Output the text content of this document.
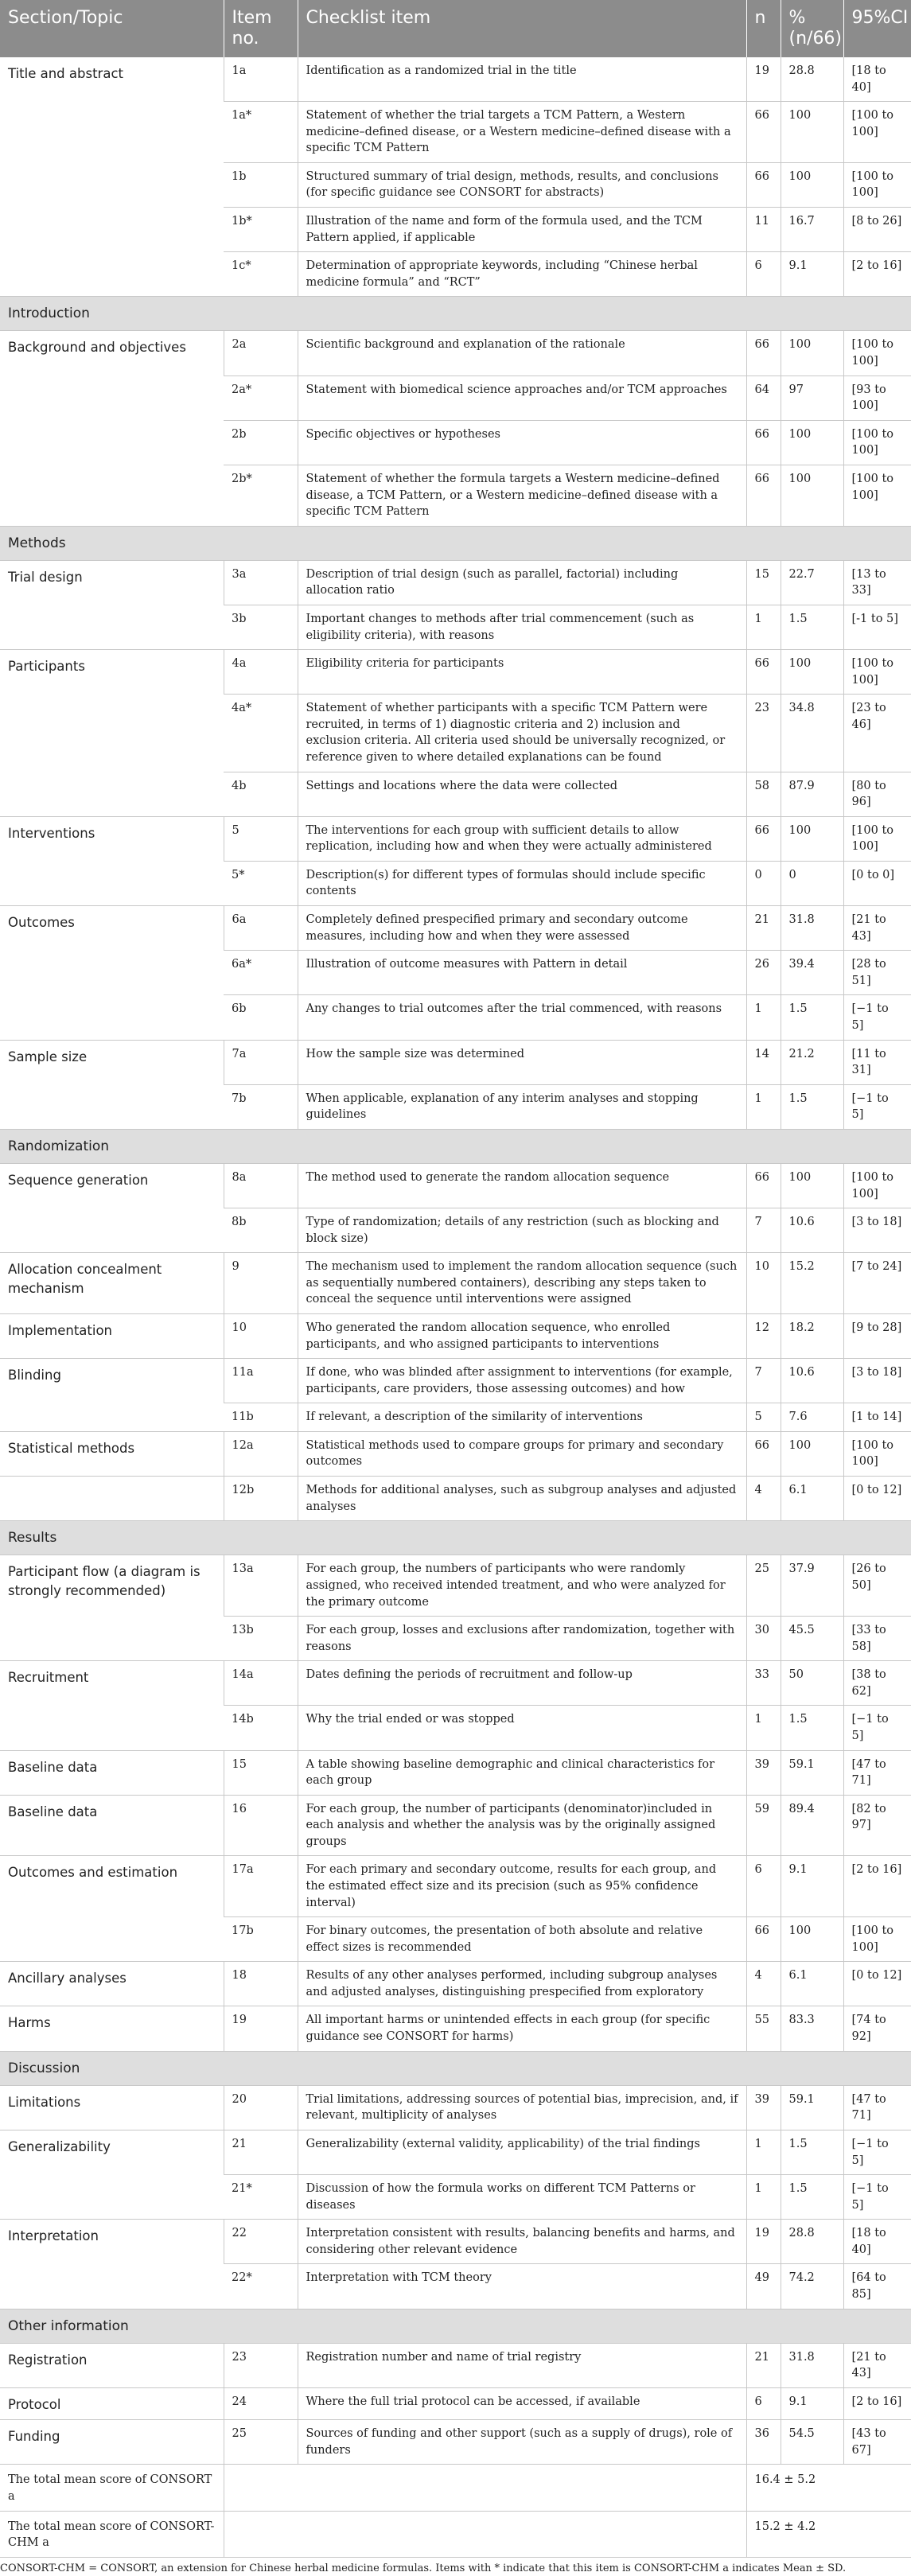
Section/Topic	Item no.	Checklist item	n	% (n/66)	95%CI
Title and abstract	1a	Identification as a randomized trial in the title	19	28.8	[18 to 40]
	1a*	Statement of whether the trial targets a TCM Pattern, a Western medicine–defined disease, or a Western medicine–defined disease with a specific TCM Pattern	66	100	[100 to 100]
	1b	Structured summary of trial design, methods, results, and conclusions (for specific guidance see CONSORT for abstracts)	66	100	[100 to 100]
	1b*	Illustration of the name and form of the formula used, and the TCM Pattern applied, if applicable	11	16.7	[8 to 26]
	1c*	Determination of appropriate keywords, including “Chinese herbal medicine formula” and “RCT”	6	9.1	[2 to 16]
Introduction					
Background and objectives	2a	Scientific background and explanation of the rationale	66	100	[100 to 100]
	2a*	Statement with biomedical science approaches and/or TCM approaches	64	97	[93 to 100]
	2b	Specific objectives or hypotheses	66	100	[100 to 100]
	2b*	Statement of whether the formula targets a Western medicine–defined disease, a TCM Pattern, or a Western medicine–defined disease with a specific TCM Pattern	66	100	[100 to 100]
Methods					
Trial design	3a	Description of trial design (such as parallel, factorial) including allocation ratio	15	22.7	[13 to 33]
	3b	Important changes to methods after trial commencement (such as eligibility criteria), with reasons	1	1.5	[-1 to 5]
Participants	4a	Eligibility criteria for participants	66	100	[100 to 100]
	4a*	Statement of whether participants with a specific TCM Pattern were recruited, in terms of 1) diagnostic criteria and 2) inclusion and exclusion criteria. All criteria used should be universally recognized, or reference given to where detailed explanations can be found	23	34.8	[23 to 46]
	4b	Settings and locations where the data were collected	58	87.9	[80 to 96]
Interventions	5	The interventions for each group with sufficient details to allow replication, including how and when they were actually administered	66	100	[100 to 100]
	5*	Description(s) for different types of formulas should include specific contents	0	0	[0 to 0]
Outcomes	6a	Completely defined prespecified primary and secondary outcome measures, including how and when they were assessed	21	31.8	[21 to 43]
	6a*	Illustration of outcome measures with Pattern in detail	26	39.4	[28 to 51]
	6b	Any changes to trial outcomes after the trial commenced, with reasons	1	1.5	[−1 to 5]
Sample size	7a	How the sample size was determined	14	21.2	[11 to 31]
	7b	When applicable, explanation of any interim analyses and stopping guidelines	1	1.5	[−1 to 5]
Randomization					
Sequence generation	8a	The method used to generate the random allocation sequence	66	100	[100 to 100]
	8b	Type of randomization; details of any restriction (such as blocking and block size)	7	10.6	[3 to 18]
Allocation concealment mechanism	9	The mechanism used to implement the random allocation sequence (such as sequentially numbered containers), describing any steps taken to conceal the sequence until interventions were assigned	10	15.2	[7 to 24]
Implementation	10	Who generated the random allocation sequence, who enrolled participants, and who assigned participants to interventions	12	18.2	[9 to 28]
Blinding	11a	If done, who was blinded after assignment to interventions (for example, participants, care providers, those assessing outcomes) and how	7	10.6	[3 to 18]
	11b	If relevant, a description of the similarity of interventions	5	7.6	[1 to 14]
Statistical methods	12a	Statistical methods used to compare groups for primary and secondary outcomes	66	100	[100 to 100]
	12b	Methods for additional analyses, such as subgroup analyses and adjusted analyses	4	6.1	[0 to 12]
Results					
Participant flow (a diagram is strongly recommended)	13a	For each group, the numbers of participants who were randomly assigned, who received intended treatment, and who were analyzed for the primary outcome	25	37.9	[26 to 50]
	13b	For each group, losses and exclusions after randomization, together with reasons	30	45.5	[33 to 58]
Recruitment	14a	Dates defining the periods of recruitment and follow-up	33	50	[38 to 62]
	14b	Why the trial ended or was stopped	1	1.5	[−1 to 5]
Baseline data	15	A table showing baseline demographic and clinical characteristics for each group	39	59.1	[47 to 71]
Baseline data	16	For each group, the number of participants (denominator)included in each analysis and whether the analysis was by the originally assigned groups	59	89.4	[82 to 97]
Outcomes and estimation	17a	For each primary and secondary outcome, results for each group, and the estimated effect size and its precision (such as 95% confidence interval)	6	9.1	[2 to 16]
	17b	For binary outcomes, the presentation of both absolute and relative effect sizes is recommended	66	100	[100 to 100]
Ancillary analyses	18	Results of any other analyses performed, including subgroup analyses and adjusted analyses, distinguishing prespecified from exploratory	4	6.1	[0 to 12]
Harms	19	All important harms or unintended effects in each group (for specific guidance see CONSORT for harms)	55	83.3	[74 to 92]
Discussion					
Limitations	20	Trial limitations, addressing sources of potential bias, imprecision, and, if relevant, multiplicity of analyses	39	59.1	[47 to 71]
Generalizability	21	Generalizability (external validity, applicability) of the trial findings	1	1.5	[−1 to 5]
	21*	Discussion of how the formula works on different TCM Patterns or diseases	1	1.5	[−1 to 5]
Interpretation	22	Interpretation consistent with results, balancing benefits and harms, and considering other relevant evidence	19	28.8	[18 to 40]
	22*	Interpretation with TCM theory	49	74.2	[64 to 85]
Other information					
Registration	23	Registration number and name of trial registry	21	31.8	[21 to 43]
Protocol	24	Where the full trial protocol can be accessed, if available	6	9.1	[2 to 16]
Funding	25	Sources of funding and other support (such as a supply of drugs), role of funders	36	54.5	[43 to 67]
The total mean score of CONSORT a			16.4 ± 5.2		
The total mean score of CONSORT-CHM a			15.2 ± 4.2		
CONSORT-CHM = CONSORT, an extension for Chinese herbal medicine formulas. Items with * indicate that this item is CONSORT-CHM a indicates Mean ± SD.
